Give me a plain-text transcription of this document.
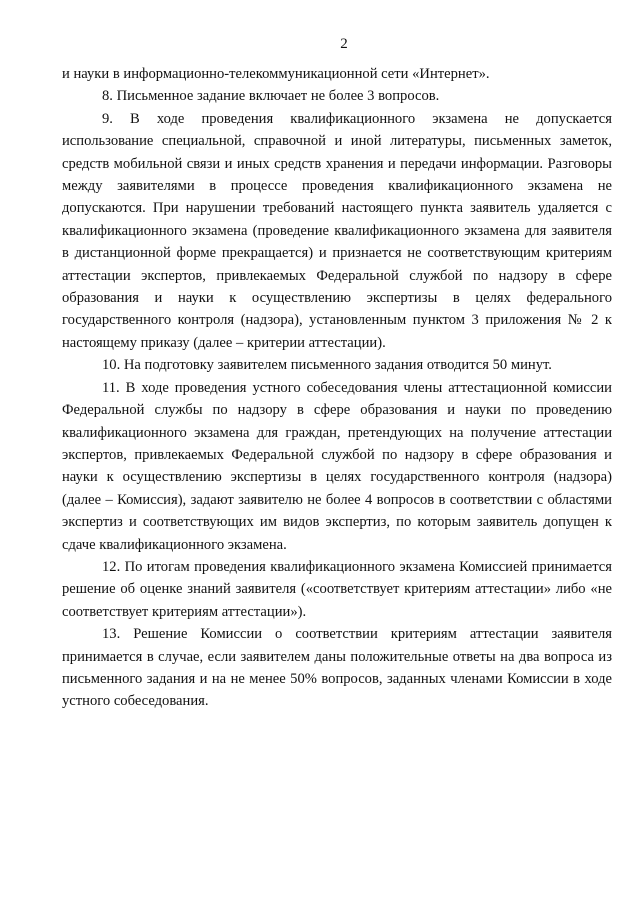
2

и науки в информационно-телекоммуникационной сети «Интернет».

8. Письменное задание включает не более 3 вопросов.

9. В ходе проведения квалификационного экзамена не допускается использование специальной, справочной и иной литературы, письменных заметок, средств мобильной связи и иных средств хранения и передачи информации. Разговоры между заявителями в процессе проведения квалификационного экзамена не допускаются. При нарушении требований настоящего пункта заявитель удаляется с квалификационного экзамена (проведение квалификационного экзамена для заявителя в дистанционной форме прекращается) и признается не соответствующим критериям аттестации экспертов, привлекаемых Федеральной службой по надзору в сфере образования и науки к осуществлению экспертизы в целях федерального государственного контроля (надзора), установленным пунктом 3 приложения № 2 к настоящему приказу (далее – критерии аттестации).

10. На подготовку заявителем письменного задания отводится 50 минут.

11. В ходе проведения устного собеседования члены аттестационной комиссии Федеральной службы по надзору в сфере образования и науки по проведению квалификационного экзамена для граждан, претендующих на получение аттестации экспертов, привлекаемых Федеральной службой по надзору в сфере образования и науки к осуществлению экспертизы в целях государственного контроля (надзора) (далее – Комиссия), задают заявителю не более 4 вопросов в соответствии с областями экспертиз и соответствующих им видов экспертиз, по которым заявитель допущен к сдаче квалификационного экзамена.

12. По итогам проведения квалификационного экзамена Комиссией принимается решение об оценке знаний заявителя («соответствует критериям аттестации» либо «не соответствует критериям аттестации»).

13. Решение Комиссии о соответствии критериям аттестации заявителя принимается в случае, если заявителем даны положительные ответы на два вопроса из письменного задания и на не менее 50% вопросов, заданных членами Комиссии в ходе устного собеседования.
